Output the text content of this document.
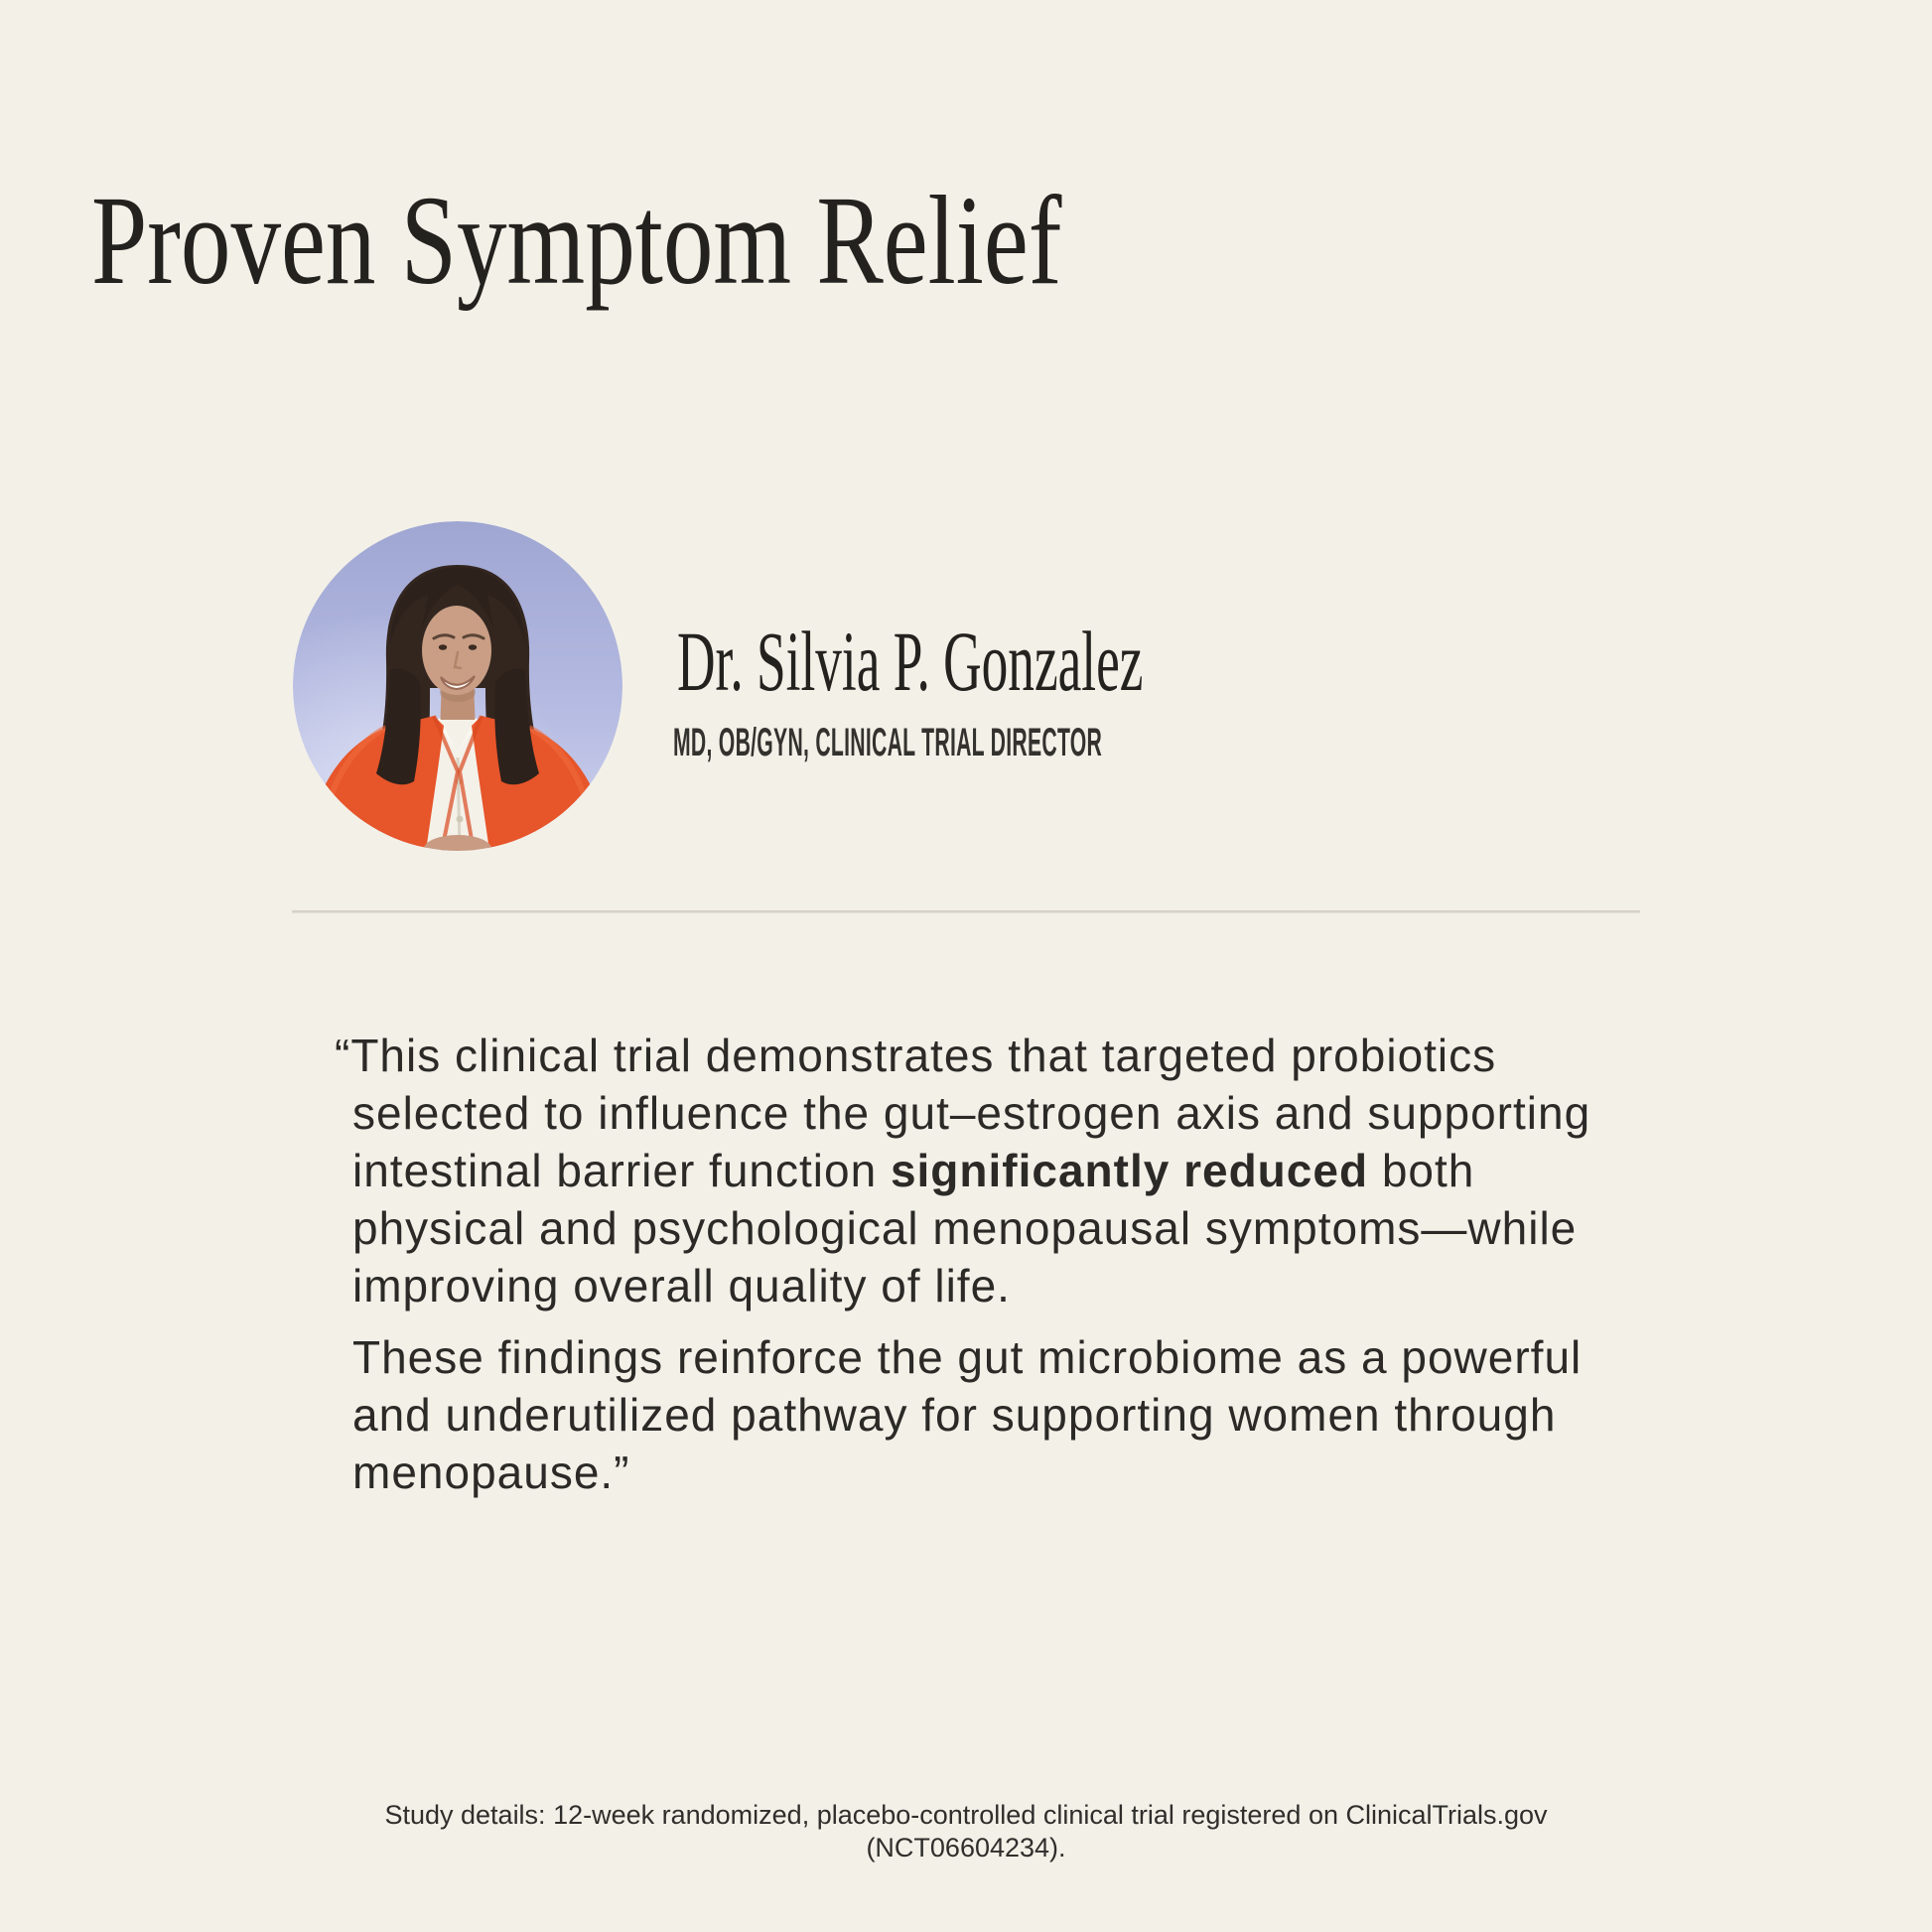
Proven Symptom Relief
Dr. Silvia P. Gonzalez
MD, OB/GYN, CLINICAL TRIAL DIRECTOR

“This clinical trial demonstrates that targeted probiotics selected to influence the gut–estrogen axis and supporting intestinal barrier function significantly reduced both physical and psychological menopausal symptoms—while improving overall quality of life.

These findings reinforce the gut microbiome as a powerful and underutilized pathway for supporting women through menopause.”

Study details: 12-week randomized, placebo-controlled clinical trial registered on ClinicalTrials.gov (NCT06604234).
